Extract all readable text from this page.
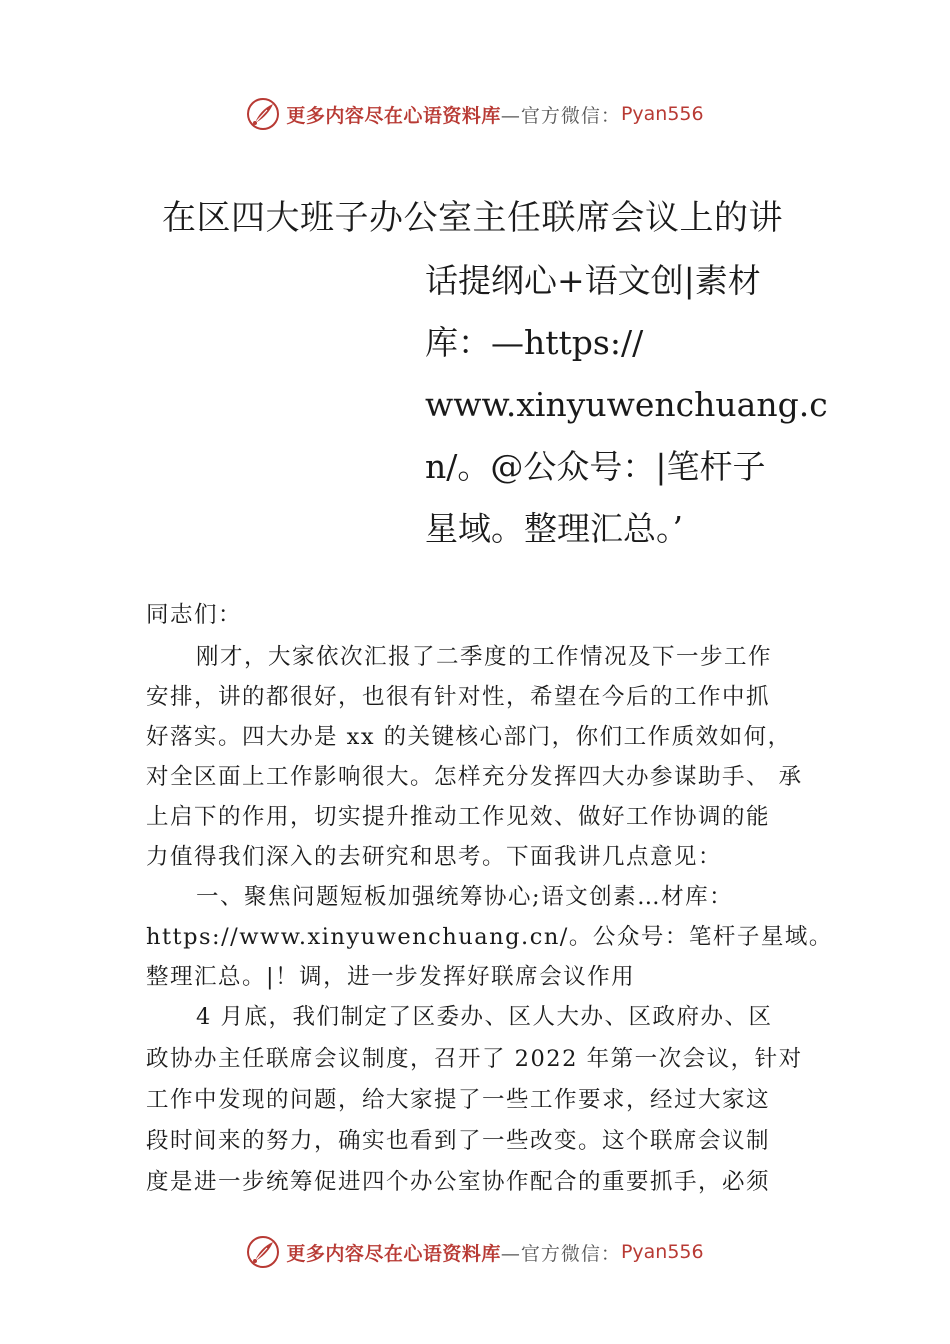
更多内容尽在心语资料库 —官方微信： Pyan556
在区四大班子办公室主任联席会议上的讲
话提纲心+语文创|素材
库：—https://
www.xinyuwenchuang.c
n/。@公众号：|笔杆子
星域。整理汇总。’
同志们：
刚才，大家依次汇报了二季度的工作情况及下一步工作
安排，讲的都很好，也很有针对性，希望在今后的工作中抓
好落实。四大办是 xx 的关键核心部门，你们工作质效如何，
对全区面上工作影响很大。怎样充分发挥四大办参谋助手、 承
上启下的作用，切实提升推动工作见效、做好工作协调的能
力值得我们深入的去研究和思考。下面我讲几点意见：
一、聚焦问题短板加强统筹协心;语文创素…材库：
https://www.xinyuwenchuang.cn/。公众号：笔杆子星域。
整理汇总。|！调，进一步发挥好联席会议作用
4 月底，我们制定了区委办、区人大办、区政府办、区
政协办主任联席会议制度，召开了 2022 年第一次会议，针对
工作中发现的问题，给大家提了一些工作要求，经过大家这
段时间来的努力，确实也看到了一些改变。这个联席会议制
度是进一步统筹促进四个办公室协作配合的重要抓手，必须
更多内容尽在心语资料库 —官方微信： Pyan556
